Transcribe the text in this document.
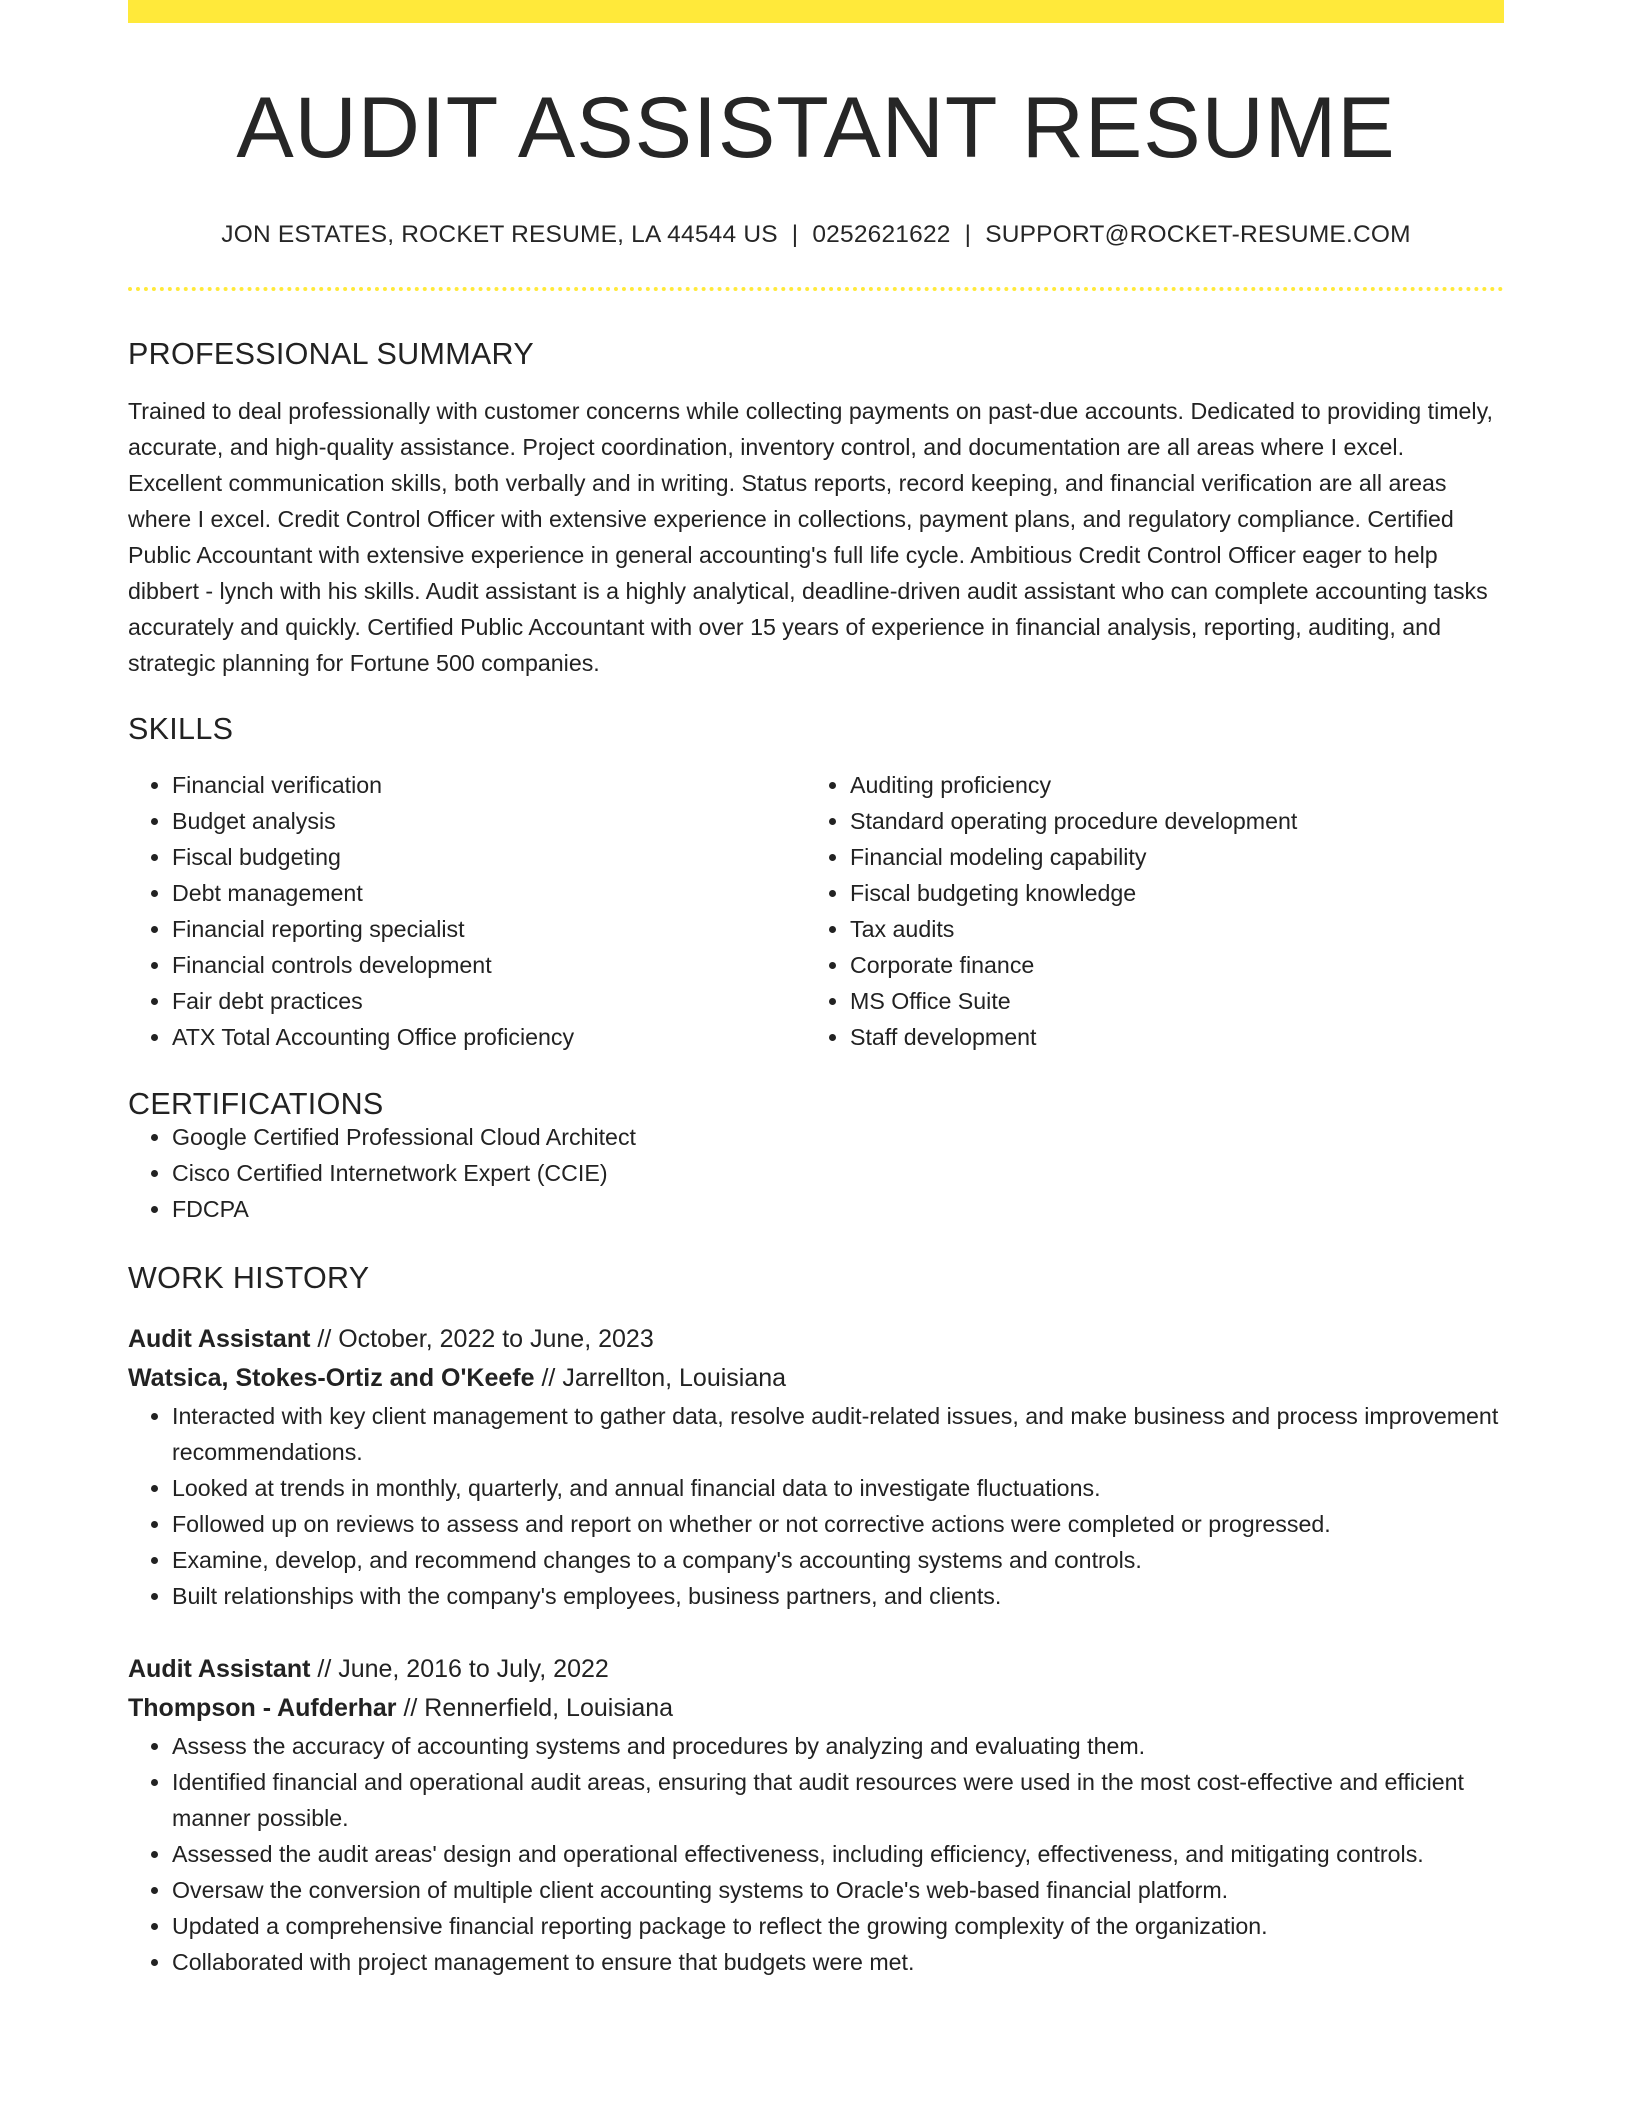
AUDIT ASSISTANT RESUME
JON ESTATES, ROCKET RESUME, LA 44544 US | 0252621622 | SUPPORT@ROCKET-RESUME.COM
PROFESSIONAL SUMMARY

Trained to deal professionally with customer concerns while collecting payments on past-due accounts. Dedicated to providing timely, accurate, and high-quality assistance. Project coordination, inventory control, and documentation are all areas where I excel. Excellent communication skills, both verbally and in writing. Status reports, record keeping, and financial verification are all areas where I excel. Credit Control Officer with extensive experience in collections, payment plans, and regulatory compliance. Certified Public Accountant with extensive experience in general accounting's full life cycle. Ambitious Credit Control Officer eager to help dibbert - lynch with his skills. Audit assistant is a highly analytical, deadline-driven audit assistant who can complete accounting tasks accurately and quickly. Certified Public Accountant with over 15 years of experience in financial analysis, reporting, auditing, and strategic planning for Fortune 500 companies.

SKILLS
• Financial verification
• Budget analysis
• Fiscal budgeting
• Debt management
• Financial reporting specialist
• Financial controls development
• Fair debt practices
• ATX Total Accounting Office proficiency
• Auditing proficiency
• Standard operating procedure development
• Financial modeling capability
• Fiscal budgeting knowledge
• Tax audits
• Corporate finance
• MS Office Suite
• Staff development
CERTIFICATIONS
• Google Certified Professional Cloud Architect
• Cisco Certified Internetwork Expert (CCIE)
• FDCPA
WORK HISTORY
Audit Assistant // October, 2022 to June, 2023
Watsica, Stokes-Ortiz and O'Keefe // Jarrellton, Louisiana
• Interacted with key client management to gather data, resolve audit-related issues, and make business and process improvement recommendations.
• Looked at trends in monthly, quarterly, and annual financial data to investigate fluctuations.
• Followed up on reviews to assess and report on whether or not corrective actions were completed or progressed.
• Examine, develop, and recommend changes to a company's accounting systems and controls.
• Built relationships with the company's employees, business partners, and clients.
Audit Assistant // June, 2016 to July, 2022
Thompson - Aufderhar // Rennerfield, Louisiana
• Assess the accuracy of accounting systems and procedures by analyzing and evaluating them.
• Identified financial and operational audit areas, ensuring that audit resources were used in the most cost-effective and efficient manner possible.
• Assessed the audit areas' design and operational effectiveness, including efficiency, effectiveness, and mitigating controls.
• Oversaw the conversion of multiple client accounting systems to Oracle's web-based financial platform.
• Updated a comprehensive financial reporting package to reflect the growing complexity of the organization.
• Collaborated with project management to ensure that budgets were met.
